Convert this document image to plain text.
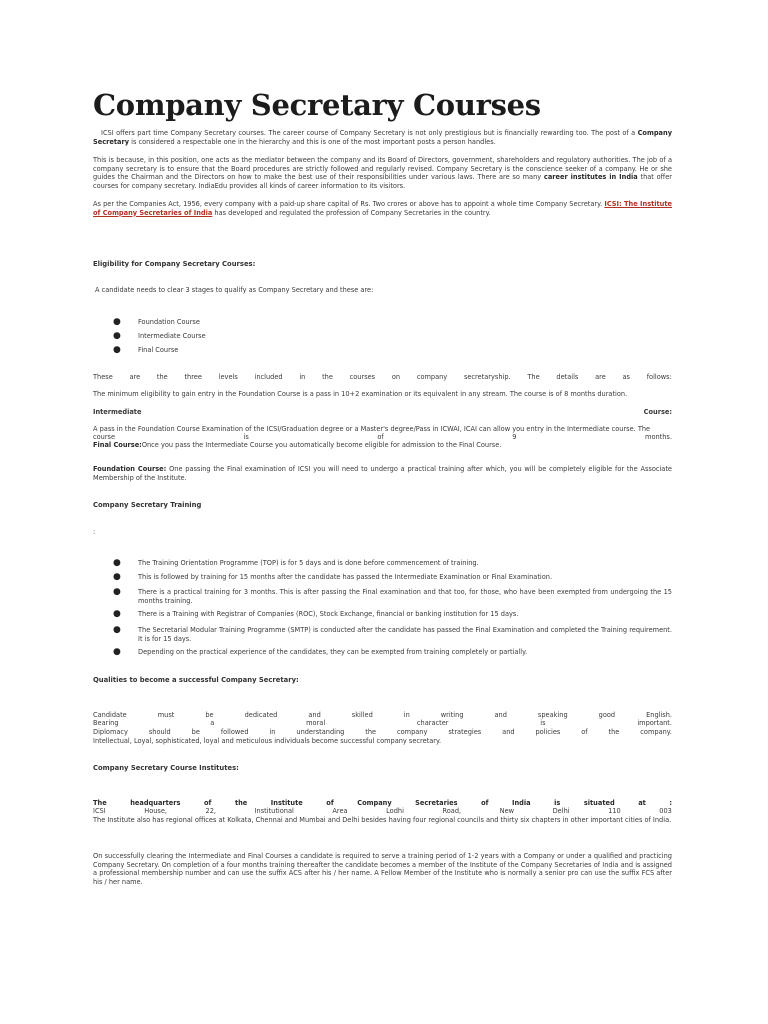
Company Secretary Courses
ICSI offers part time Company Secretary courses. The career course of Company Secretary is not only prestigious but is financially rewarding too. The post of a Company Secretary is considered a respectable one in the hierarchy and this is one of the most important posts a person handles.
This is because, in this position, one acts as the mediator between the company and its Board of Directors, government, shareholders and regulatory authorities. The job of a company secretary is to ensure that the Board procedures are strictly followed and regularly revised. Company Secretary is the conscience seeker of a company. He or she guides the Chairman and the Directors on how to make the best use of their responsibilities under various laws. There are so many career institutes in India that offer courses for company secretary. IndiaEdu provides all kinds of career information to its visitors.
As per the Companies Act, 1956, every company with a paid-up share capital of Rs. Two crores or above has to appoint a whole time Company Secretary. ICSI: The Institute of Company Secretaries of India has developed and regulated the profession of Company Secretaries in the country.
Eligibility for Company Secretary Courses:
A candidate needs to clear 3 stages to qualify as Company Secretary and these are:
●	Foundation Course
●	Intermediate Course
●	Final Course
These	are	the	three	levels	included	in	the	courses	on	company	secretaryship.	The	details	are	as	follows:
The minimum eligibility to gain entry in the Foundation Course is a pass in 10+2 examination or its equivalent in any stream. The course is of 8 months duration.
Intermediate	Course:
A pass in the Foundation Course Examination of the ICSI/Graduation degree or a Master's degree/Pass in ICWAI, ICAI can allow you entry in the Intermediate course. The
course	is	of	9	months.
Final Course:Once you pass the Intermediate Course you automatically become eligible for admission to the Final Course.
Foundation Course: One passing the Final examination of ICSI you will need to undergo a practical training after which, you will be completely eligible for the Associate Membership of the Institute.
Company Secretary Training
:
●	The Training Orientation Programme (TOP) is for 5 days and is done before commencement of training.
●	This is followed by training for 15 months after the candidate has passed the Intermediate Examination or Final Examination.
●	There is a practical training for 3 months. This is after passing the Final examination and that too, for those, who have been exempted from undergoing the 15 months training.
●	There is a Training with Registrar of Companies (ROC), Stock Exchange, financial or banking institution for 15 days.
●	The Secretarial Modular Training Programme (SMTP) is conducted after the candidate has passed the Final Examination and completed the Training requirement. It is for 15 days.
●	Depending on the practical experience of the candidates, they can be exempted from training completely or partially.
Qualities to become a successful Company Secretary:
Candidate	must	be	dedicated	and	skilled	in	writing	and	speaking	good	English.
Bearing	a	moral	character	is	important.
Diplomacy	should	be	followed	in	understanding	the	company	strategies	and	policies	of	the	company.
Intellectual, Loyal, sophisticated, loyal and meticulous individuals become successful company secretary.
Company Secretary Course Institutes:
The	headquarters	of	the	Institute	of	Company	Secretaries	of	India	is	situated	at	:
ICSI	House,	22,	Institutional	Area	Lodhi	Road,	New	Delhi	110	003
The Institute also has regional offices at Kolkata, Chennai and Mumbai and Delhi besides having four regional councils and thirty six chapters in other important cities of India.
On successfully clearing the Intermediate and Final Courses a candidate is required to serve a training period of 1-2 years with a Company or under a qualified and practicing Company Secretary. On completion of a four months training thereafter the candidate becomes a member of the Institute of the Company Secretaries of India and is assigned a professional membership number and can use the suffix ACS after his / her name. A Fellow Member of the Institute who is normally a senior pro can use the suffix FCS after his / her name.
